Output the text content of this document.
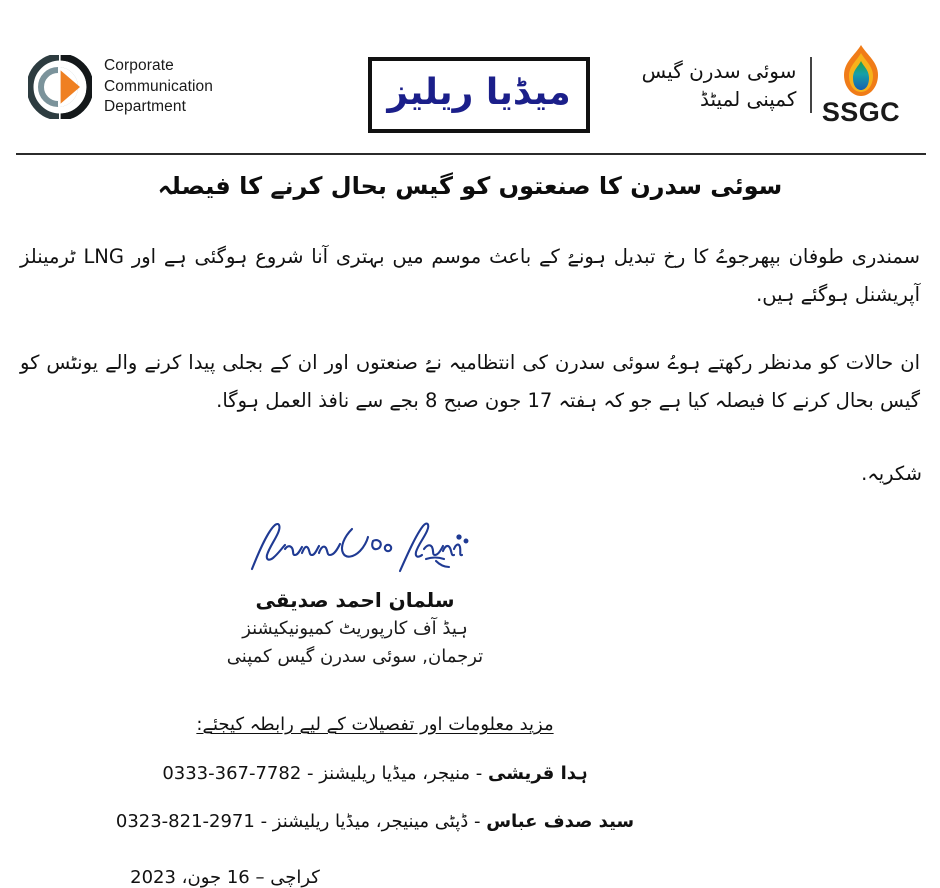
Corporate
Communication
Department	میڈیا ریلیز
سوئی سدرن گیس
کمپنی لمیٹڈ SSGC
سوئی سدرن کا صنعتوں کو گیس بحال کرنے کا فیصلہ

سمندری طوفان بپھرجوےُ کا رخ تبدیل ہونےُ کے باعث موسم میں بہتری آنا شروع ہوگئی ہے اور LNG ٹرمینلز آپریشنل ہوگئے ہیں.

ان حالات کو مدنظر رکھتے ہوےُ سوئی سدرن کی انتظامیہ نےُ صنعتوں اور ان کے بجلی پیدا کرنے والے یونٹس کو گیس بحال کرنے کا فیصلہ کیا ہے جو کہ ہفتہ 17 جون صبح 8 بجے سے نافذ العمل ہوگا.

شکریہ.
سلمان احمد صدیقی
ہیڈ آف کارپوریٹ کمیونیکیشنز
ترجمان, سوئی سدرن گیس کمپنی
مزید معلومات اور تفصیلات کے لیے رابطہ کیجئے:
ہدا قریشی - منیجر، میڈیا ریلیشنز - 0333-367-7782
سید صدف عباس - ڈپٹی مینیجر، میڈیا ریلیشنز - 0323-821-2971
کراچی – 16 جون، 2023
